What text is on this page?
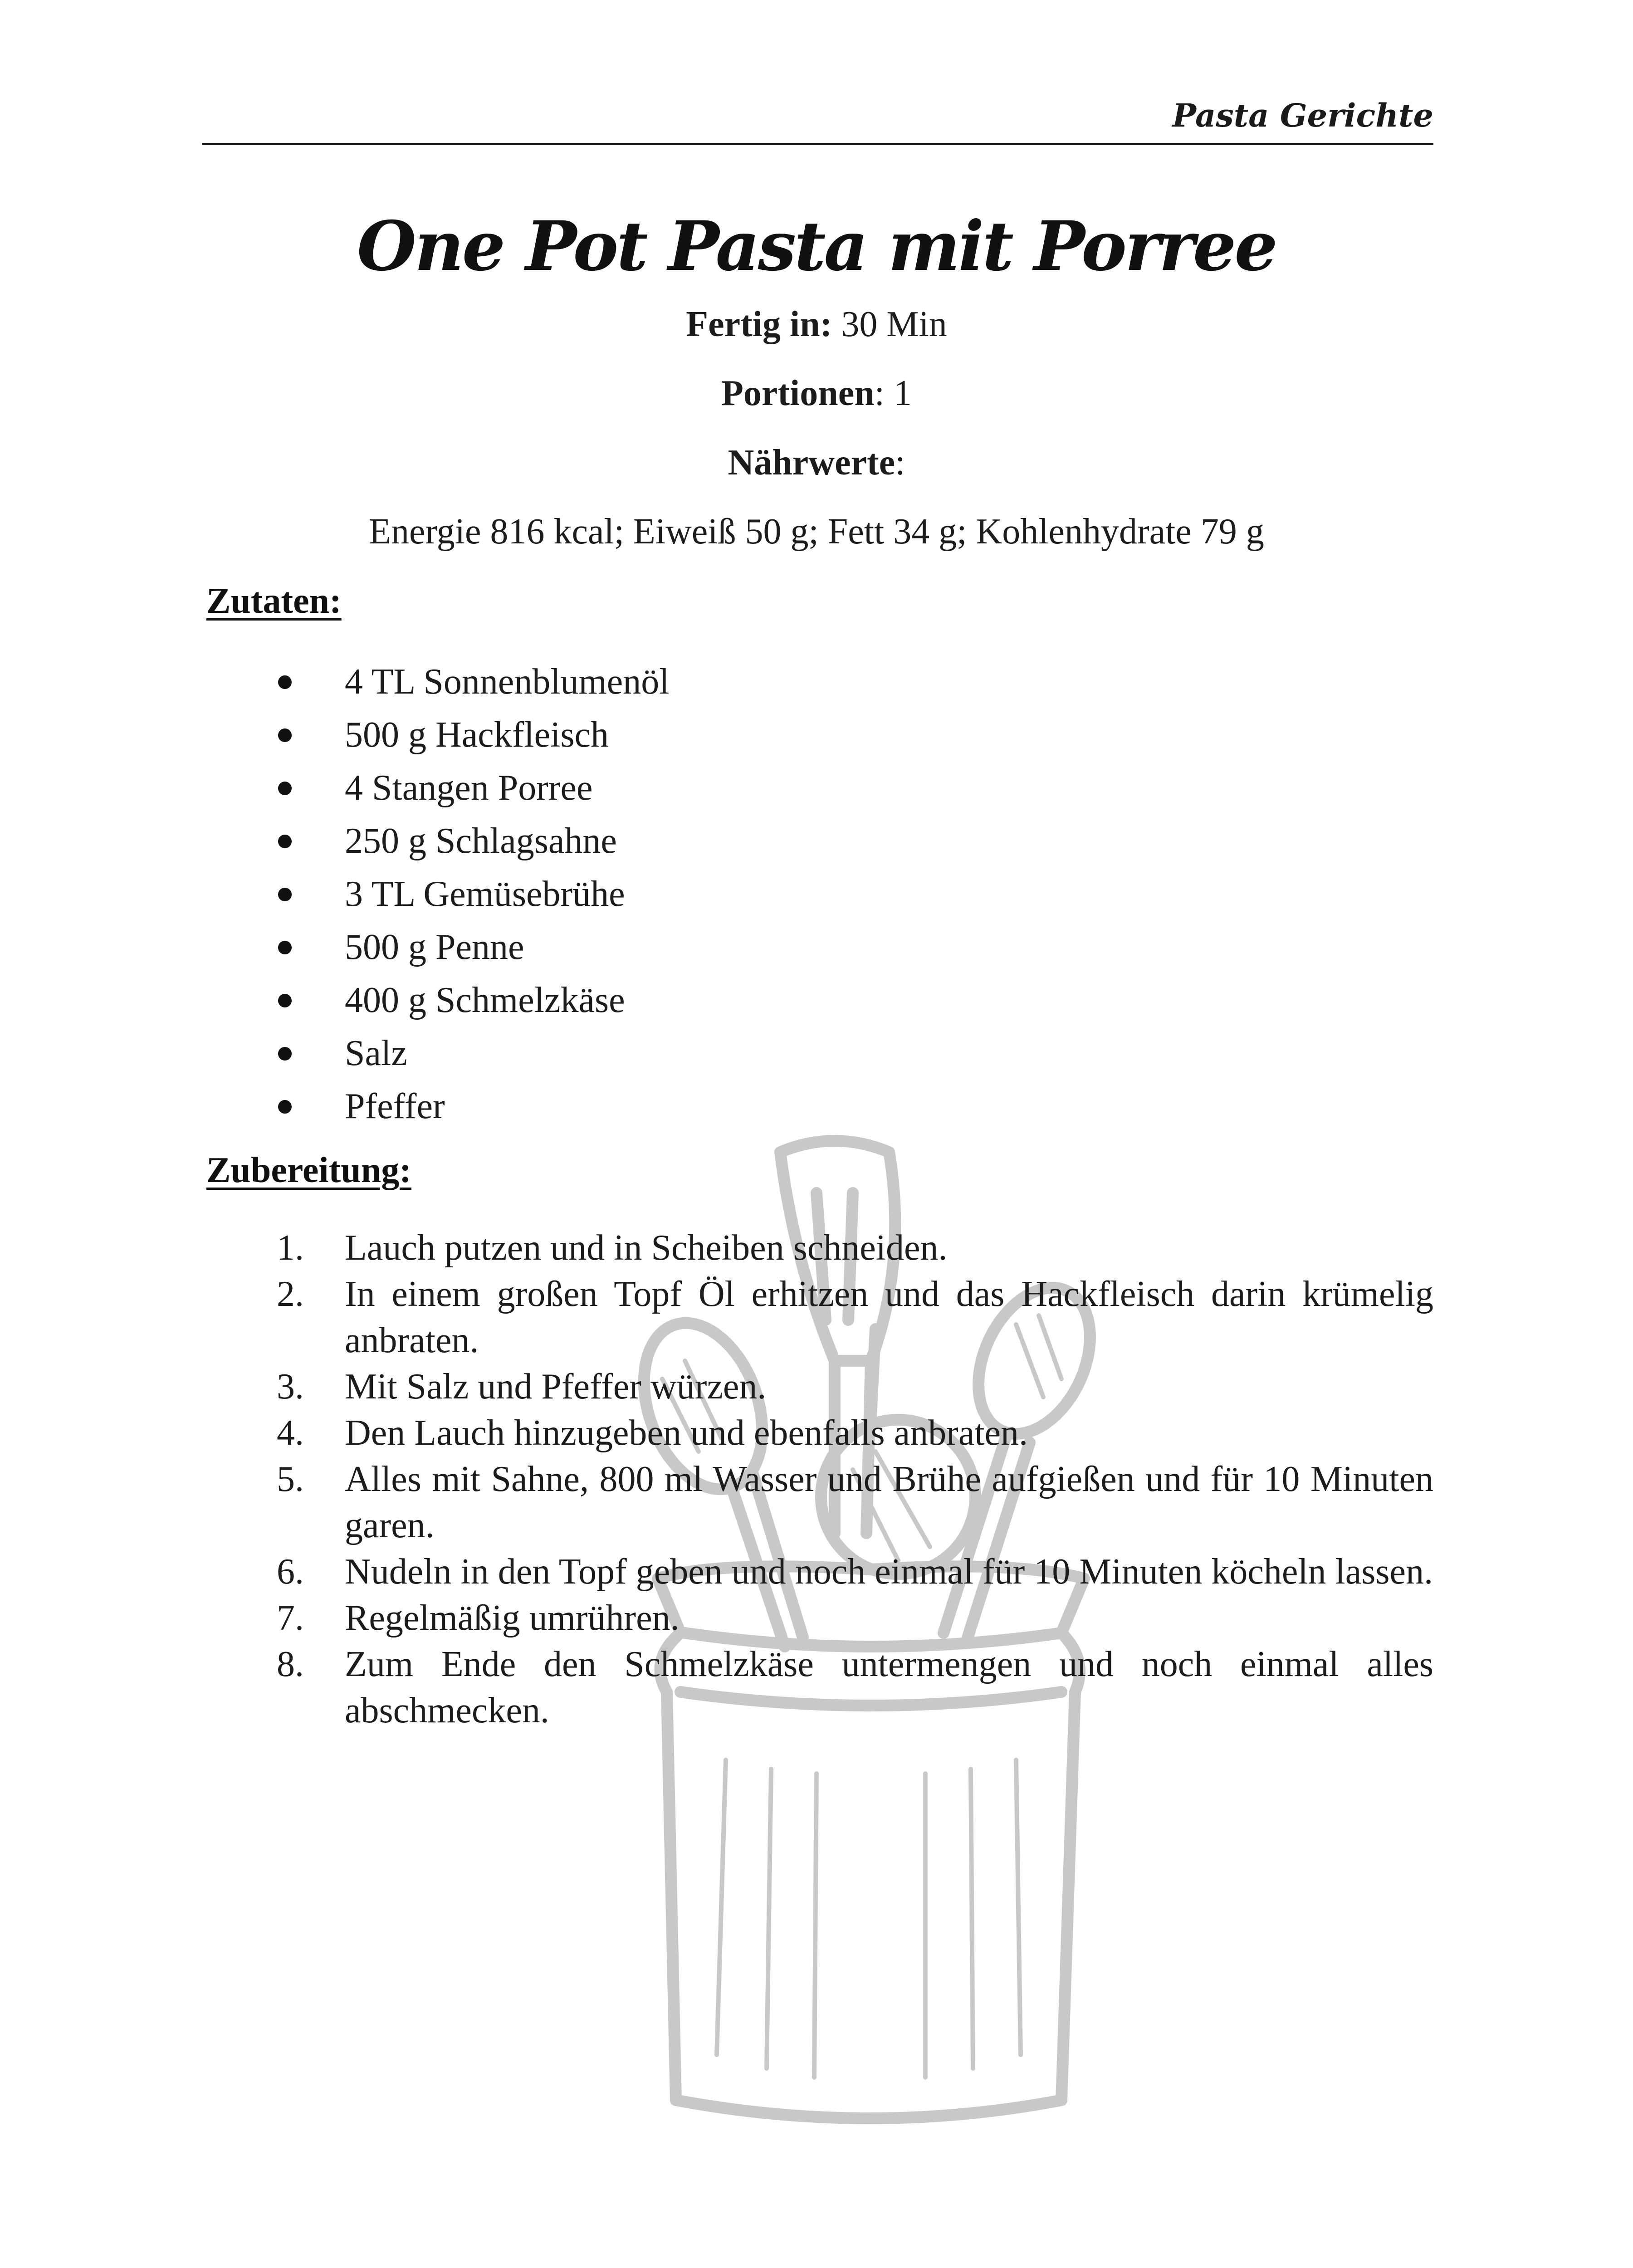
Pasta Gerichte
One Pot Pasta mit Porree
Fertig in: 30 Min
Portionen: 1
Nährwerte:
Energie 816 kcal; Eiweiß 50 g; Fett 34 g; Kohlenhydrate 79 g
Zutaten:
4 TL Sonnenblumenöl
500 g Hackfleisch
4 Stangen Porree
250 g Schlagsahne
3 TL Gemüsebrühe
500 g Penne
400 g Schmelzkäse
Salz
Pfeffer
Zubereitung:
1. Lauch putzen und in Scheiben schneiden.
2. In einem großen Topf Öl erhitzen und das Hackfleisch darin krümelig anbraten.
3. Mit Salz und Pfeffer würzen.
4. Den Lauch hinzugeben und ebenfalls anbraten.
5. Alles mit Sahne, 800 ml Wasser und Brühe aufgießen und für 10 Minuten garen.
6. Nudeln in den Topf geben und noch einmal für 10 Minuten köcheln lassen.
7. Regelmäßig umrühren.
8. Zum Ende den Schmelzkäse untermengen und noch einmal alles abschmecken.
